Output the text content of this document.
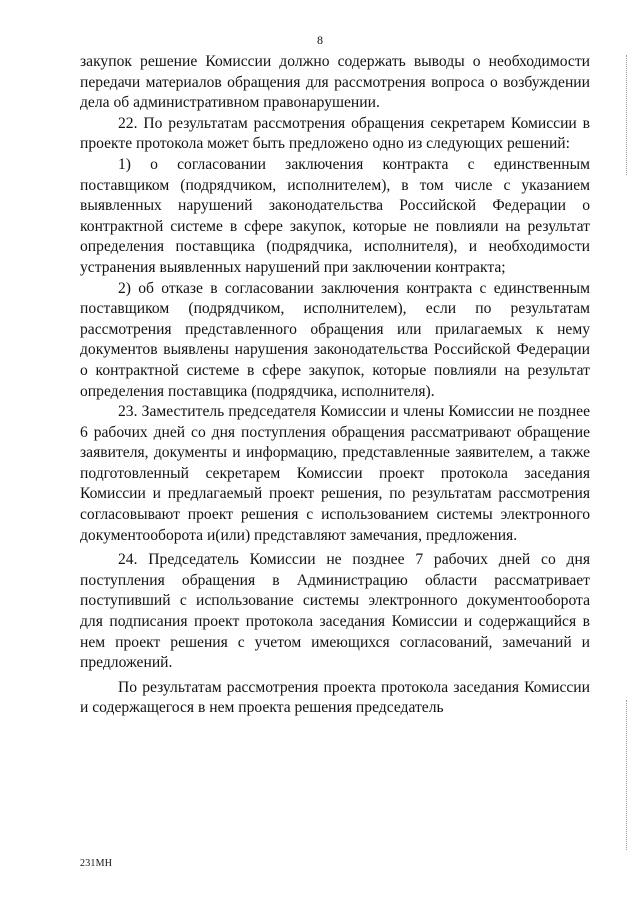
8

закупок решение Комиссии должно содержать выводы о необходимости передачи материалов обращения для рассмотрения вопроса о возбуждении дела об административном правонарушении.

22. По результатам рассмотрения обращения секретарем Комиссии в проекте протокола может быть предложено одно из следующих решений:

1) о согласовании заключения контракта с единственным поставщиком (подрядчиком, исполнителем), в том числе с указанием выявленных нарушений законодательства Российской Федерации о контрактной системе в сфере закупок, которые не повлияли на результат определения поставщика (подрядчика, исполнителя), и необходимости устранения выявленных нарушений при заключении контракта;

2) об отказе в согласовании заключения контракта с единственным поставщиком (подрядчиком, исполнителем), если по результатам рассмотрения представленного обращения или прилагаемых к нему документов выявлены нарушения законодательства Российской Федерации о контрактной системе в сфере закупок, которые повлияли на результат определения поставщика (подрядчика, исполнителя).

23. Заместитель председателя Комиссии и члены Комиссии не позднее 6 рабочих дней со дня поступления обращения рассматривают обращение заявителя, документы и информацию, представленные заявителем, а также подготовленный секретарем Комиссии проект протокола заседания Комиссии и предлагаемый проект решения, по результатам рассмотрения согласовывают проект решения с использованием системы электронного документооборота и(или) представляют замечания, предложения.

24. Председатель Комиссии не позднее 7 рабочих дней со дня поступления обращения в Администрацию области рассматривает поступивший с использование системы электронного документооборота для подписания проект протокола заседания Комиссии и содержащийся в нем проект решения с учетом имеющихся согласований, замечаний и предложений.

По результатам рассмотрения проекта протокола заседания Комиссии и содержащегося в нем проекта решения председатель

231МН
